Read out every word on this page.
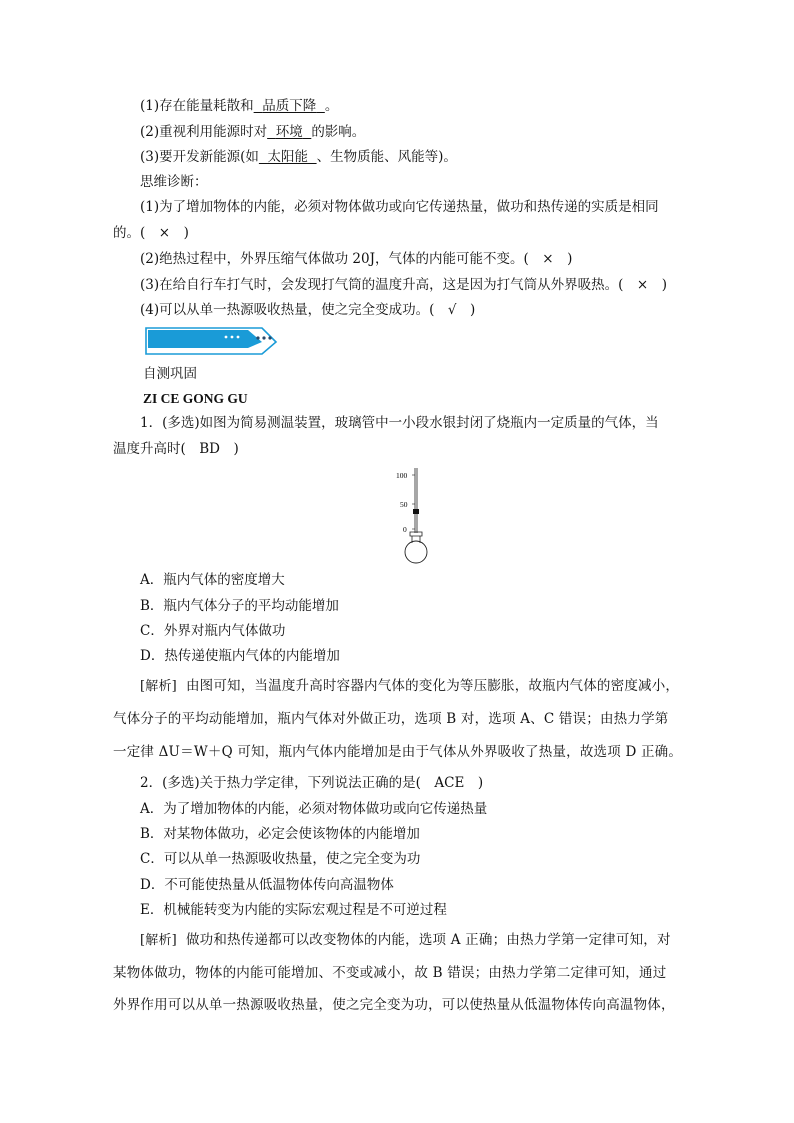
(1)存在能量耗散和 品质下降 。
(2)重视利用能源时对 环境 的影响。
(3)要开发新能源(如 太阳能 、生物质能、风能等)。
思维诊断：
(1)为了增加物体的内能，必须对物体做功或向它传递热量，做功和热传递的实质是相同
的。(　×　)
(2)绝热过程中，外界压缩气体做功 20J，气体的内能可能不变。(　×　)
(3)在给自行车打气时，会发现打气筒的温度升高，这是因为打气筒从外界吸热。(　×　)
(4)可以从单一热源吸收热量，使之完全变成功。(　√　)
自测巩固
ZI CE GONG GU
1．(多选)如图为简易测温装置，玻璃管中一小段水银封闭了烧瓶内一定质量的气体，当
温度升高时(　BD　)
100
50
0
A．瓶内气体的密度增大
B．瓶内气体分子的平均动能增加
C．外界对瓶内气体做功
D．热传递使瓶内气体的内能增加
[解析] 由图可知，当温度升高时容器内气体的变化为等压膨胀，故瓶内气体的密度减小，
气体分子的平均动能增加，瓶内气体对外做正功，选项 B 对，选项 A、C 错误；由热力学第
一定律 ΔU＝W＋Q 可知，瓶内气体内能增加是由于气体从外界吸收了热量，故选项 D 正确。
2．(多选)关于热力学定律，下列说法正确的是(　ACE　)
A．为了增加物体的内能，必须对物体做功或向它传递热量
B．对某物体做功，必定会使该物体的内能增加
C．可以从单一热源吸收热量，使之完全变为功
D．不可能使热量从低温物体传向高温物体
E．机械能转变为内能的实际宏观过程是不可逆过程
[解析] 做功和热传递都可以改变物体的内能，选项 A 正确；由热力学第一定律可知，对
某物体做功，物体的内能可能增加、不变或减小，故 B 错误；由热力学第二定律可知，通过
外界作用可以从单一热源吸收热量，使之完全变为功，可以使热量从低温物体传向高温物体，
